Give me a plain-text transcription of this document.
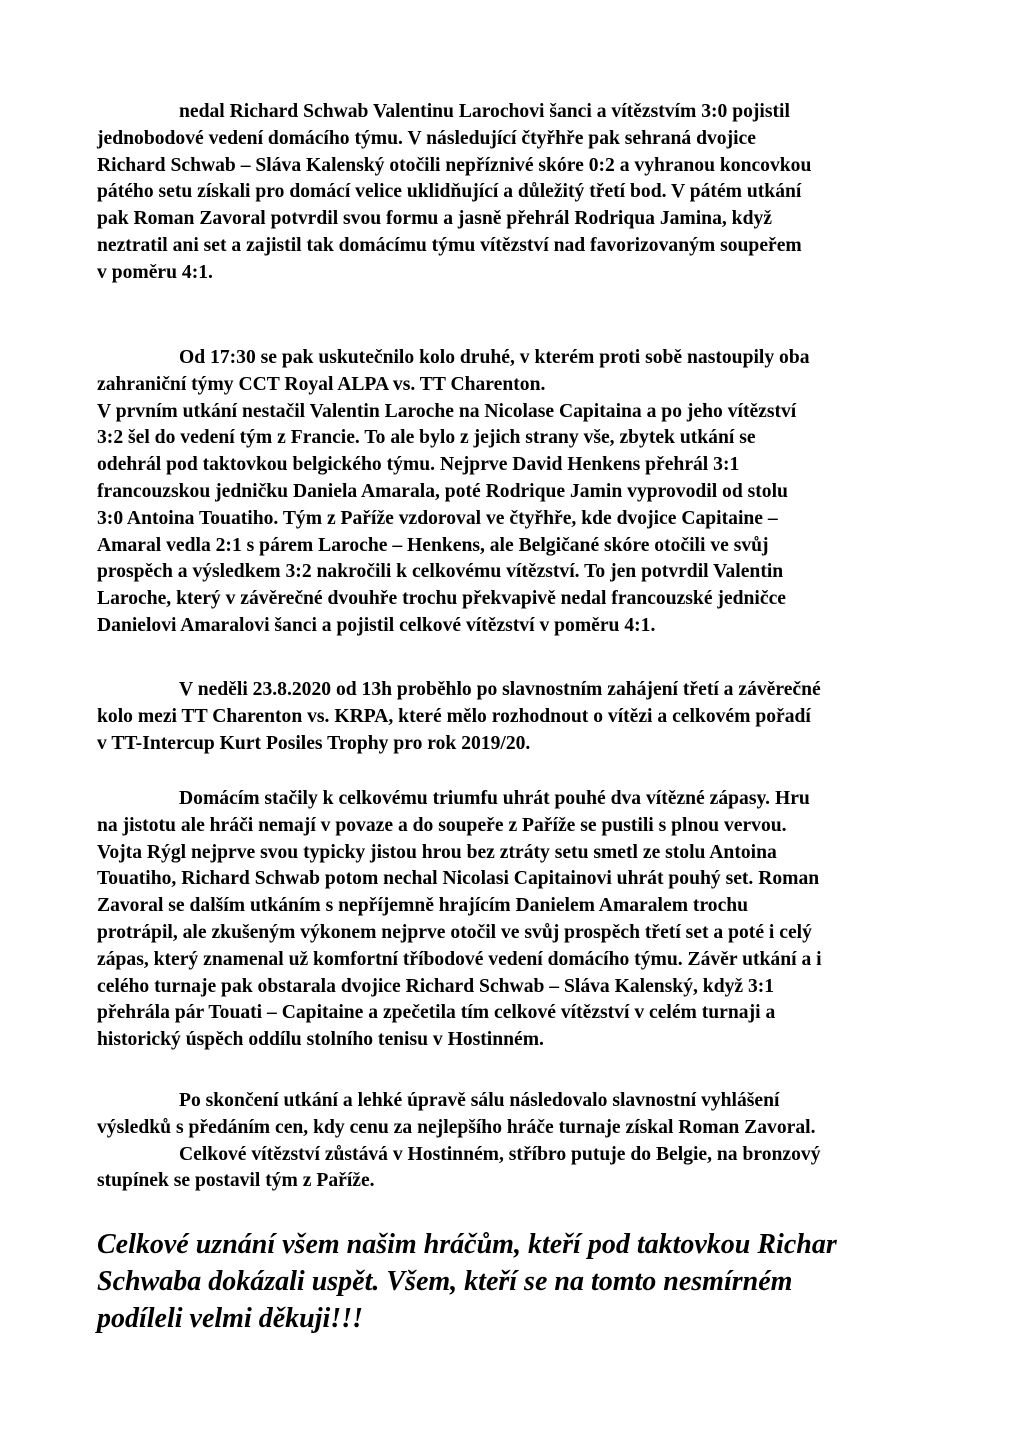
nedal Richard Schwab Valentinu Larochovi šanci a vítězstvím 3:0 pojistil
jednobodové vedení domácího týmu. V následující čtyřhře pak sehraná dvojice
Richard Schwab – Sláva Kalenský otočili nepříznivé skóre 0:2 a vyhranou koncovkou
pátého setu získali pro domácí velice uklidňující a důležitý třetí bod. V pátém utkání
pak Roman Zavoral potvrdil svou formu a jasně přehrál Rodriqua Jamina, když
neztratil ani set a zajistil tak domácímu týmu vítězství nad favorizovaným soupeřem
v poměru 4:1.
Od 17:30 se pak uskutečnilo kolo druhé, v kterém proti sobě nastoupily oba
zahraniční týmy CCT Royal ALPA vs. TT Charenton.
V prvním utkání nestačil Valentin Laroche na Nicolase Capitaina a po jeho vítězství
3:2 šel do vedení tým z Francie. To ale bylo z jejich strany vše, zbytek utkání se
odehrál pod taktovkou belgického týmu. Nejprve David Henkens přehrál 3:1
francouzskou jedničku Daniela Amarala, poté Rodrique Jamin vyprovodil od stolu
3:0 Antoina Touatiho. Tým z Paříže vzdoroval ve čtyřhře, kde dvojice Capitaine –
Amaral vedla 2:1 s párem Laroche – Henkens, ale Belgičané skóre otočili ve svůj
prospěch a výsledkem 3:2 nakročili k celkovému vítězství. To jen potvrdil Valentin
Laroche, který v závěrečné dvouhře trochu překvapivě nedal francouzské jedničce
Danielovi Amaralovi šanci a pojistil celkové vítězství v poměru 4:1.
V neděli 23.8.2020 od 13h proběhlo po slavnostním zahájení třetí a závěrečné
kolo mezi TT Charenton vs. KRPA, které mělo rozhodnout o vítězi a celkovém pořadí
v TT-Intercup Kurt Posiles Trophy pro rok 2019/20.
Domácím stačily k celkovému triumfu uhrát pouhé dva vítězné zápasy. Hru
na jistotu ale hráči nemají v povaze a do soupeře z Paříže se pustili s plnou vervou.
Vojta Rýgl nejprve svou typicky jistou hrou bez ztráty setu smetl ze stolu Antoina
Touatiho, Richard Schwab potom nechal Nicolasi Capitainovi uhrát pouhý set. Roman
Zavoral se dalším utkáním s nepříjemně hrajícím Danielem Amaralem trochu
protrápil, ale zkušeným výkonem nejprve otočil ve svůj prospěch třetí set a poté i celý
zápas, který znamenal už komfortní tříbodové vedení domácího týmu. Závěr utkání a i
celého turnaje pak obstarala dvojice Richard Schwab – Sláva Kalenský, když 3:1
přehrála pár Touati – Capitaine a zpečetila tím celkové vítězství v celém turnaji a
historický úspěch oddílu stolního tenisu v Hostinném.
Po skončení utkání a lehké úpravě sálu následovalo slavnostní vyhlášení
výsledků s předáním cen, kdy cenu za nejlepšího hráče turnaje získal Roman Zavoral.
Celkové vítězství zůstává v Hostinném, stříbro putuje do Belgie, na bronzový
stupínek se postavil tým z Paříže.
Celkové uznání všem našim hráčům, kteří pod taktovkou Richar
Schwaba dokázali uspět. Všem, kteří se na tomto nesmírném
podíleli velmi děkuji!!!
